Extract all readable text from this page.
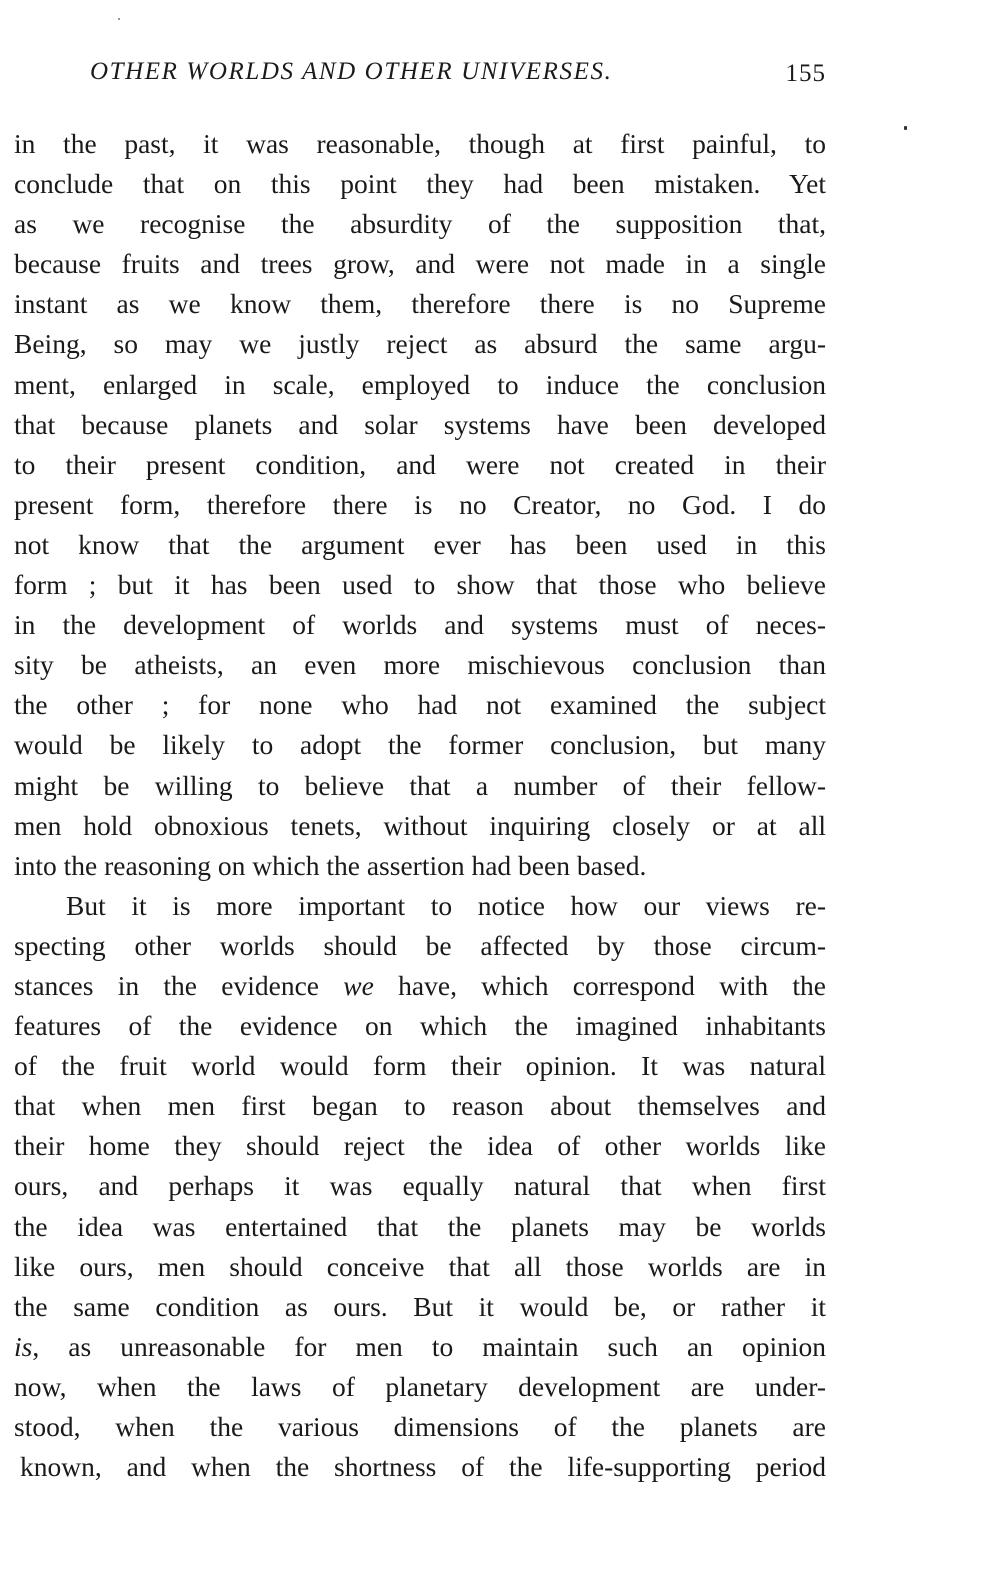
OTHER WORLDS AND OTHER UNIVERSES.	155
in the past, it was reasonable, though at first painful, to
conclude that on this point they had been mistaken. Yet
as we recognise the absurdity of the supposition that,
because fruits and trees grow, and were not made in a single
instant as we know them, therefore there is no Supreme
Being, so may we justly reject as absurd the same argu-
ment, enlarged in scale, employed to induce the conclusion
that because planets and solar systems have been developed
to their present condition, and were not created in their
present form, therefore there is no Creator, no God. I do
not know that the argument ever has been used in this
form ; but it has been used to show that those who believe
in the development of worlds and systems must of neces-
sity be atheists, an even more mischievous conclusion than
the other ; for none who had not examined the subject
would be likely to adopt the former conclusion, but many
might be willing to believe that a number of their fellow-
men hold obnoxious tenets, without inquiring closely or at all
into the reasoning on which the assertion had been based.
But it is more important to notice how our views re-
specting other worlds should be affected by those circum-
stances in the evidence we have, which correspond with the
features of the evidence on which the imagined inhabitants
of the fruit world would form their opinion. It was natural
that when men first began to reason about themselves and
their home they should reject the idea of other worlds like
ours, and perhaps it was equally natural that when first
the idea was entertained that the planets may be worlds
like ours, men should conceive that all those worlds are in
the same condition as ours. But it would be, or rather it
is, as unreasonable for men to maintain such an opinion
now, when the laws of planetary development are under-
stood, when the various dimensions of the planets are
known, and when the shortness of the life-supporting period
